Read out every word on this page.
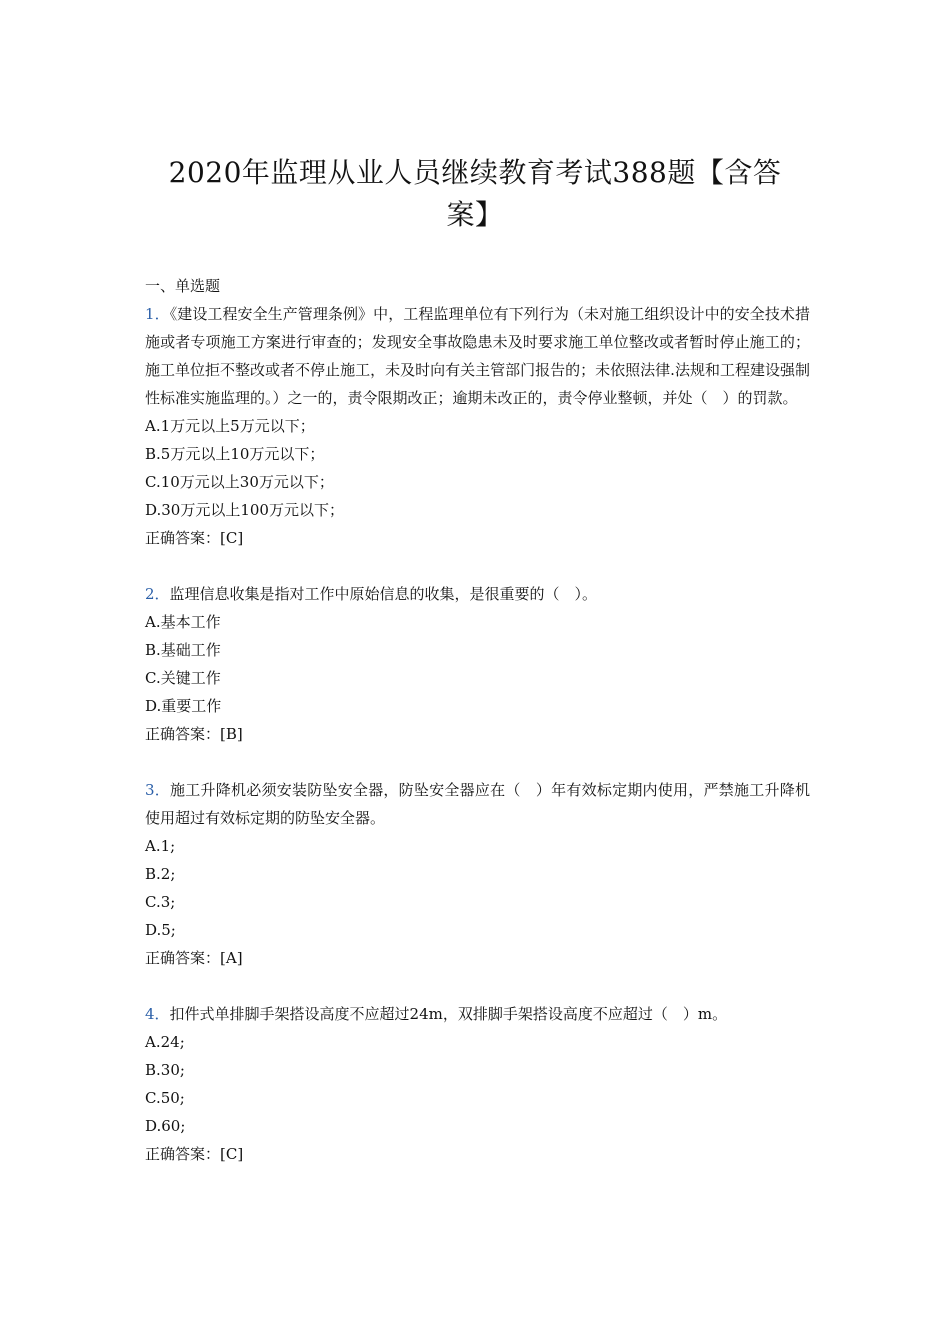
2020年监理从业人员继续教育考试388题【含答
案】

一、单选题

1．《建设工程安全生产管理条例》中，工程监理单位有下列行为（未对施工组织设计中的安全技术措施或者专项施工方案进行审查的；发现安全事故隐患未及时要求施工单位整改或者暂时停止施工的；施工单位拒不整改或者不停止施工，未及时向有关主管部门报告的；未依照法律.法规和工程建设强制性标准实施监理的。）之一的，责令限期改正；逾期未改正的，责令停业整顿，并处（　）的罚款。

A.1万元以上5万元以下；

B.5万元以上10万元以下；

C.10万元以上30万元以下；

D.30万元以上100万元以下；

正确答案：[C]

2．监理信息收集是指对工作中原始信息的收集，是很重要的（　）。

A.基本工作

B.基础工作

C.关键工作

D.重要工作

正确答案：[B]

3．施工升降机必须安装防坠安全器，防坠安全器应在（　）年有效标定期内使用，严禁施工升降机使用超过有效标定期的防坠安全器。

A.1;

B.2;

C.3;

D.5;

正确答案：[A]

4．扣件式单排脚手架搭设高度不应超过24m，双排脚手架搭设高度不应超过（　）m。

A.24;

B.30;

C.50;

D.60;

正确答案：[C]
